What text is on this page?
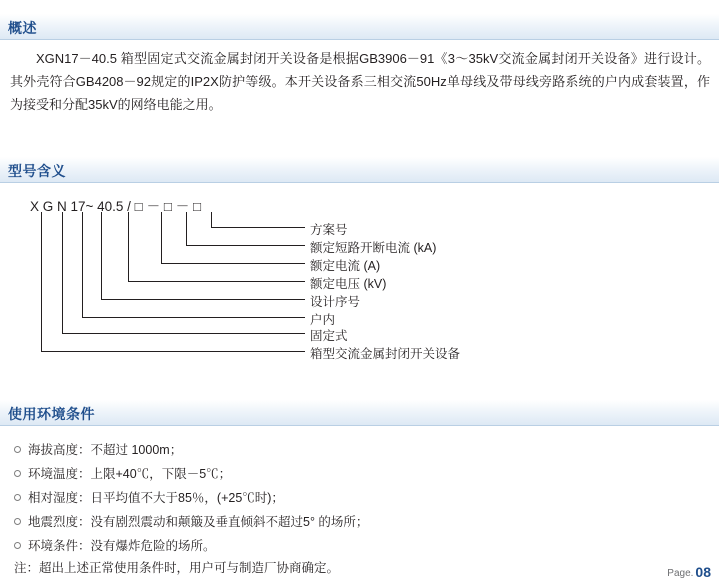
概述
XGN17－40.5 箱型固定式交流金属封闭开关设备是根据GB3906－91《3～35kV交流金属封闭开关设备》进行设计。其外壳符合GB4208－92规定的IP2X防护等级。本开关设备系三相交流50Hz单母线及带母线旁路系统的户内成套装置，作为接受和分配35kV的网络电能之用。
型号含义
X G N 17~ 40.5 / □ － □ － □
方案号
额定短路开断电流 (kA)
额定电流 (A)
额定电压 (kV)
设计序号
户内
固定式
箱型交流金属封闭开关设备
使用环境条件
海拔高度：不超过 1000m；
环境温度：上限+40℃，下限－5℃；
相对湿度：日平均值不大于85％，(+25℃时)；
地震烈度：没有剧烈震动和颠簸及垂直倾斜不超过5° 的场所；
环境条件：没有爆炸危险的场所。
注：超出上述正常使用条件时，用户可与制造厂协商确定。	Page. 08
